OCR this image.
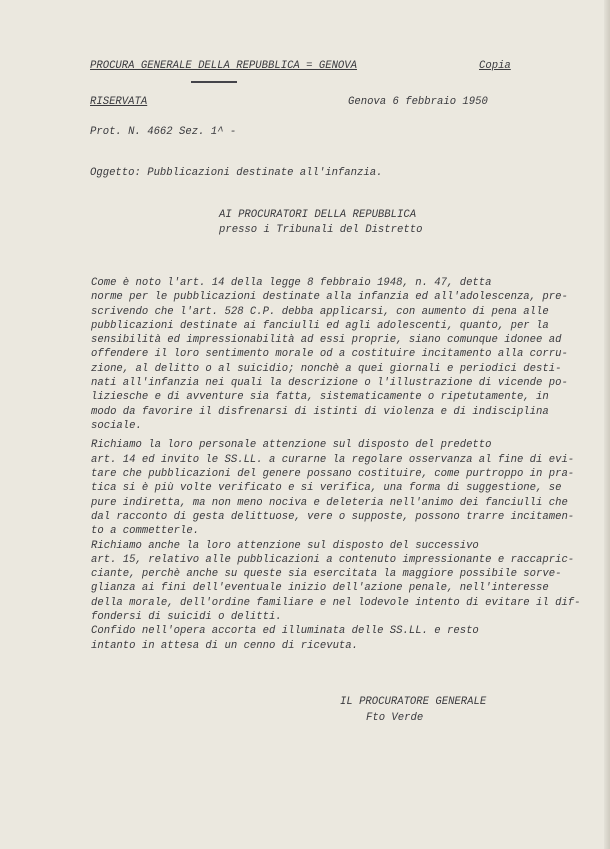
PROCURA GENERALE DELLA REPUBBLICA = GENOVA	Copia
RISERVATA	Genova 6 febbraio 1950
Prot. N. 4662 Sez. 1^ -
Oggetto: Pubblicazioni destinate all'infanzia.
AI PROCURATORI DELLA REPUBBLICA
presso i Tribunali del Distretto
Come è noto l'art. 14 della legge 8 febbraio 1948, n. 47, detta
norme per le pubblicazioni destinate alla infanzia ed all'adolescenza, pre-
scrivendo che l'art. 528 C.P. debba applicarsi, con aumento di pena alle
pubblicazioni destinate ai fanciulli ed agli adolescenti, quanto, per la
sensibilità ed impressionabilità ad essi proprie, siano comunque idonee ad
offendere il loro sentimento morale od a costituire incitamento alla corru-
zione, al delitto o al suicidio; nonchè a quei giornali e periodici desti-
nati all'infanzia nei quali la descrizione o l'illustrazione di vicende po-
liziesche e di avventure sia fatta, sistematicamente o ripetutamente, in
modo da favorire il disfrenarsi di istinti di violenza e di indisciplina
sociale.
Richiamo la loro personale attenzione sul disposto del predetto
art. 14 ed invito le SS.LL. a curarne la regolare osservanza al fine di evi-
tare che pubblicazioni del genere possano costituire, come purtroppo in pra-
tica si è più volte verificato e si verifica, una forma di suggestione, se
pure indiretta, ma non meno nociva e deleteria nell'animo dei fanciulli che
dal racconto di gesta delittuose, vere o supposte, possono trarre incitamen-
to a commetterle.
Richiamo anche la loro attenzione sul disposto del successivo
art. 15, relativo alle pubblicazioni a contenuto impressionante e raccapric-
ciante, perchè anche su queste sia esercitata la maggiore possibile sorve-
glianza ai fini dell'eventuale inizio dell'azione penale, nell'interesse
della morale, dell'ordine familiare e nel lodevole intento di evitare il dif-
fondersi di suicidi o delitti.
Confido nell'opera accorta ed illuminata delle SS.LL. e resto
intanto in attesa di un cenno di ricevuta.
IL PROCURATORE GENERALE
Fto Verde
